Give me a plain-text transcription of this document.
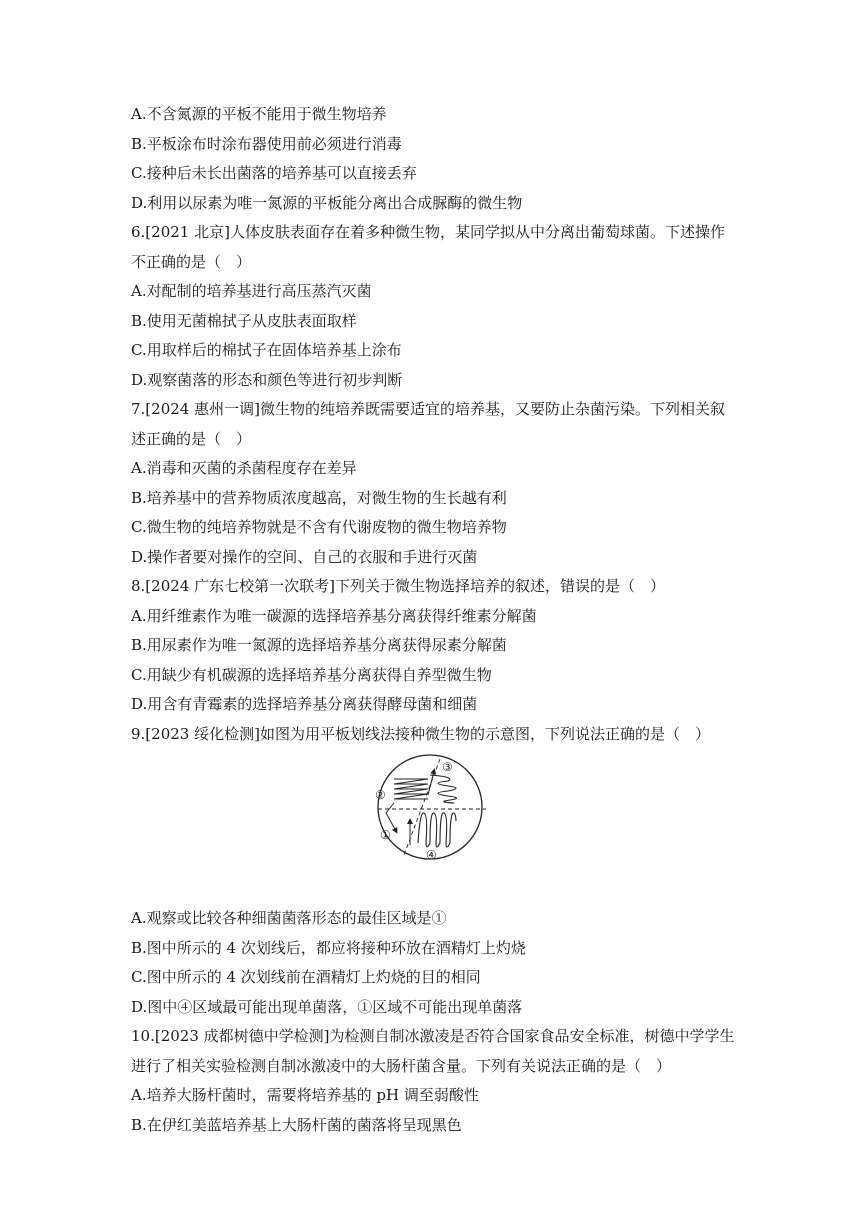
A.不含氮源的平板不能用于微生物培养
B.平板涂布时涂布器使用前必须进行消毒
C.接种后未长出菌落的培养基可以直接丢弃
D.利用以尿素为唯一氮源的平板能分离出合成脲酶的微生物
6.[2021 北京]人体皮肤表面存在着多种微生物，某同学拟从中分离出葡萄球菌。下述操作
不正确的是（　）
A.对配制的培养基进行高压蒸汽灭菌
B.使用无菌棉拭子从皮肤表面取样
C.用取样后的棉拭子在固体培养基上涂布
D.观察菌落的形态和颜色等进行初步判断
7.[2024 惠州一调]微生物的纯培养既需要适宜的培养基，又要防止杂菌污染。下列相关叙
述正确的是（　）
A.消毒和灭菌的杀菌程度存在差异
B.培养基中的营养物质浓度越高，对微生物的生长越有利
C.微生物的纯培养物就是不含有代谢废物的微生物培养物
D.操作者要对操作的空间、自己的衣服和手进行灭菌
8.[2024 广东七校第一次联考]下列关于微生物选择培养的叙述，错误的是（　）
A.用纤维素作为唯一碳源的选择培养基分离获得纤维素分解菌
B.用尿素作为唯一氮源的选择培养基分离获得尿素分解菌
C.用缺少有机碳源的选择培养基分离获得自养型微生物
D.用含有青霉素的选择培养基分离获得酵母菌和细菌
9.[2023 绥化检测]如图为用平板划线法接种微生物的示意图，下列说法正确的是（　）
②
③
①
④
A.观察或比较各种细菌菌落形态的最佳区域是①
B.图中所示的 4 次划线后，都应将接种环放在酒精灯上灼烧
C.图中所示的 4 次划线前在酒精灯上灼烧的目的相同
D.图中④区域最可能出现单菌落，①区域不可能出现单菌落
10.[2023 成都树德中学检测]为检测自制冰激凌是否符合国家食品安全标准，树德中学学生
进行了相关实验检测自制冰激凌中的大肠杆菌含量。下列有关说法正确的是（　）
A.培养大肠杆菌时，需要将培养基的 pH 调至弱酸性
B.在伊红美蓝培养基上大肠杆菌的菌落将呈现黑色
